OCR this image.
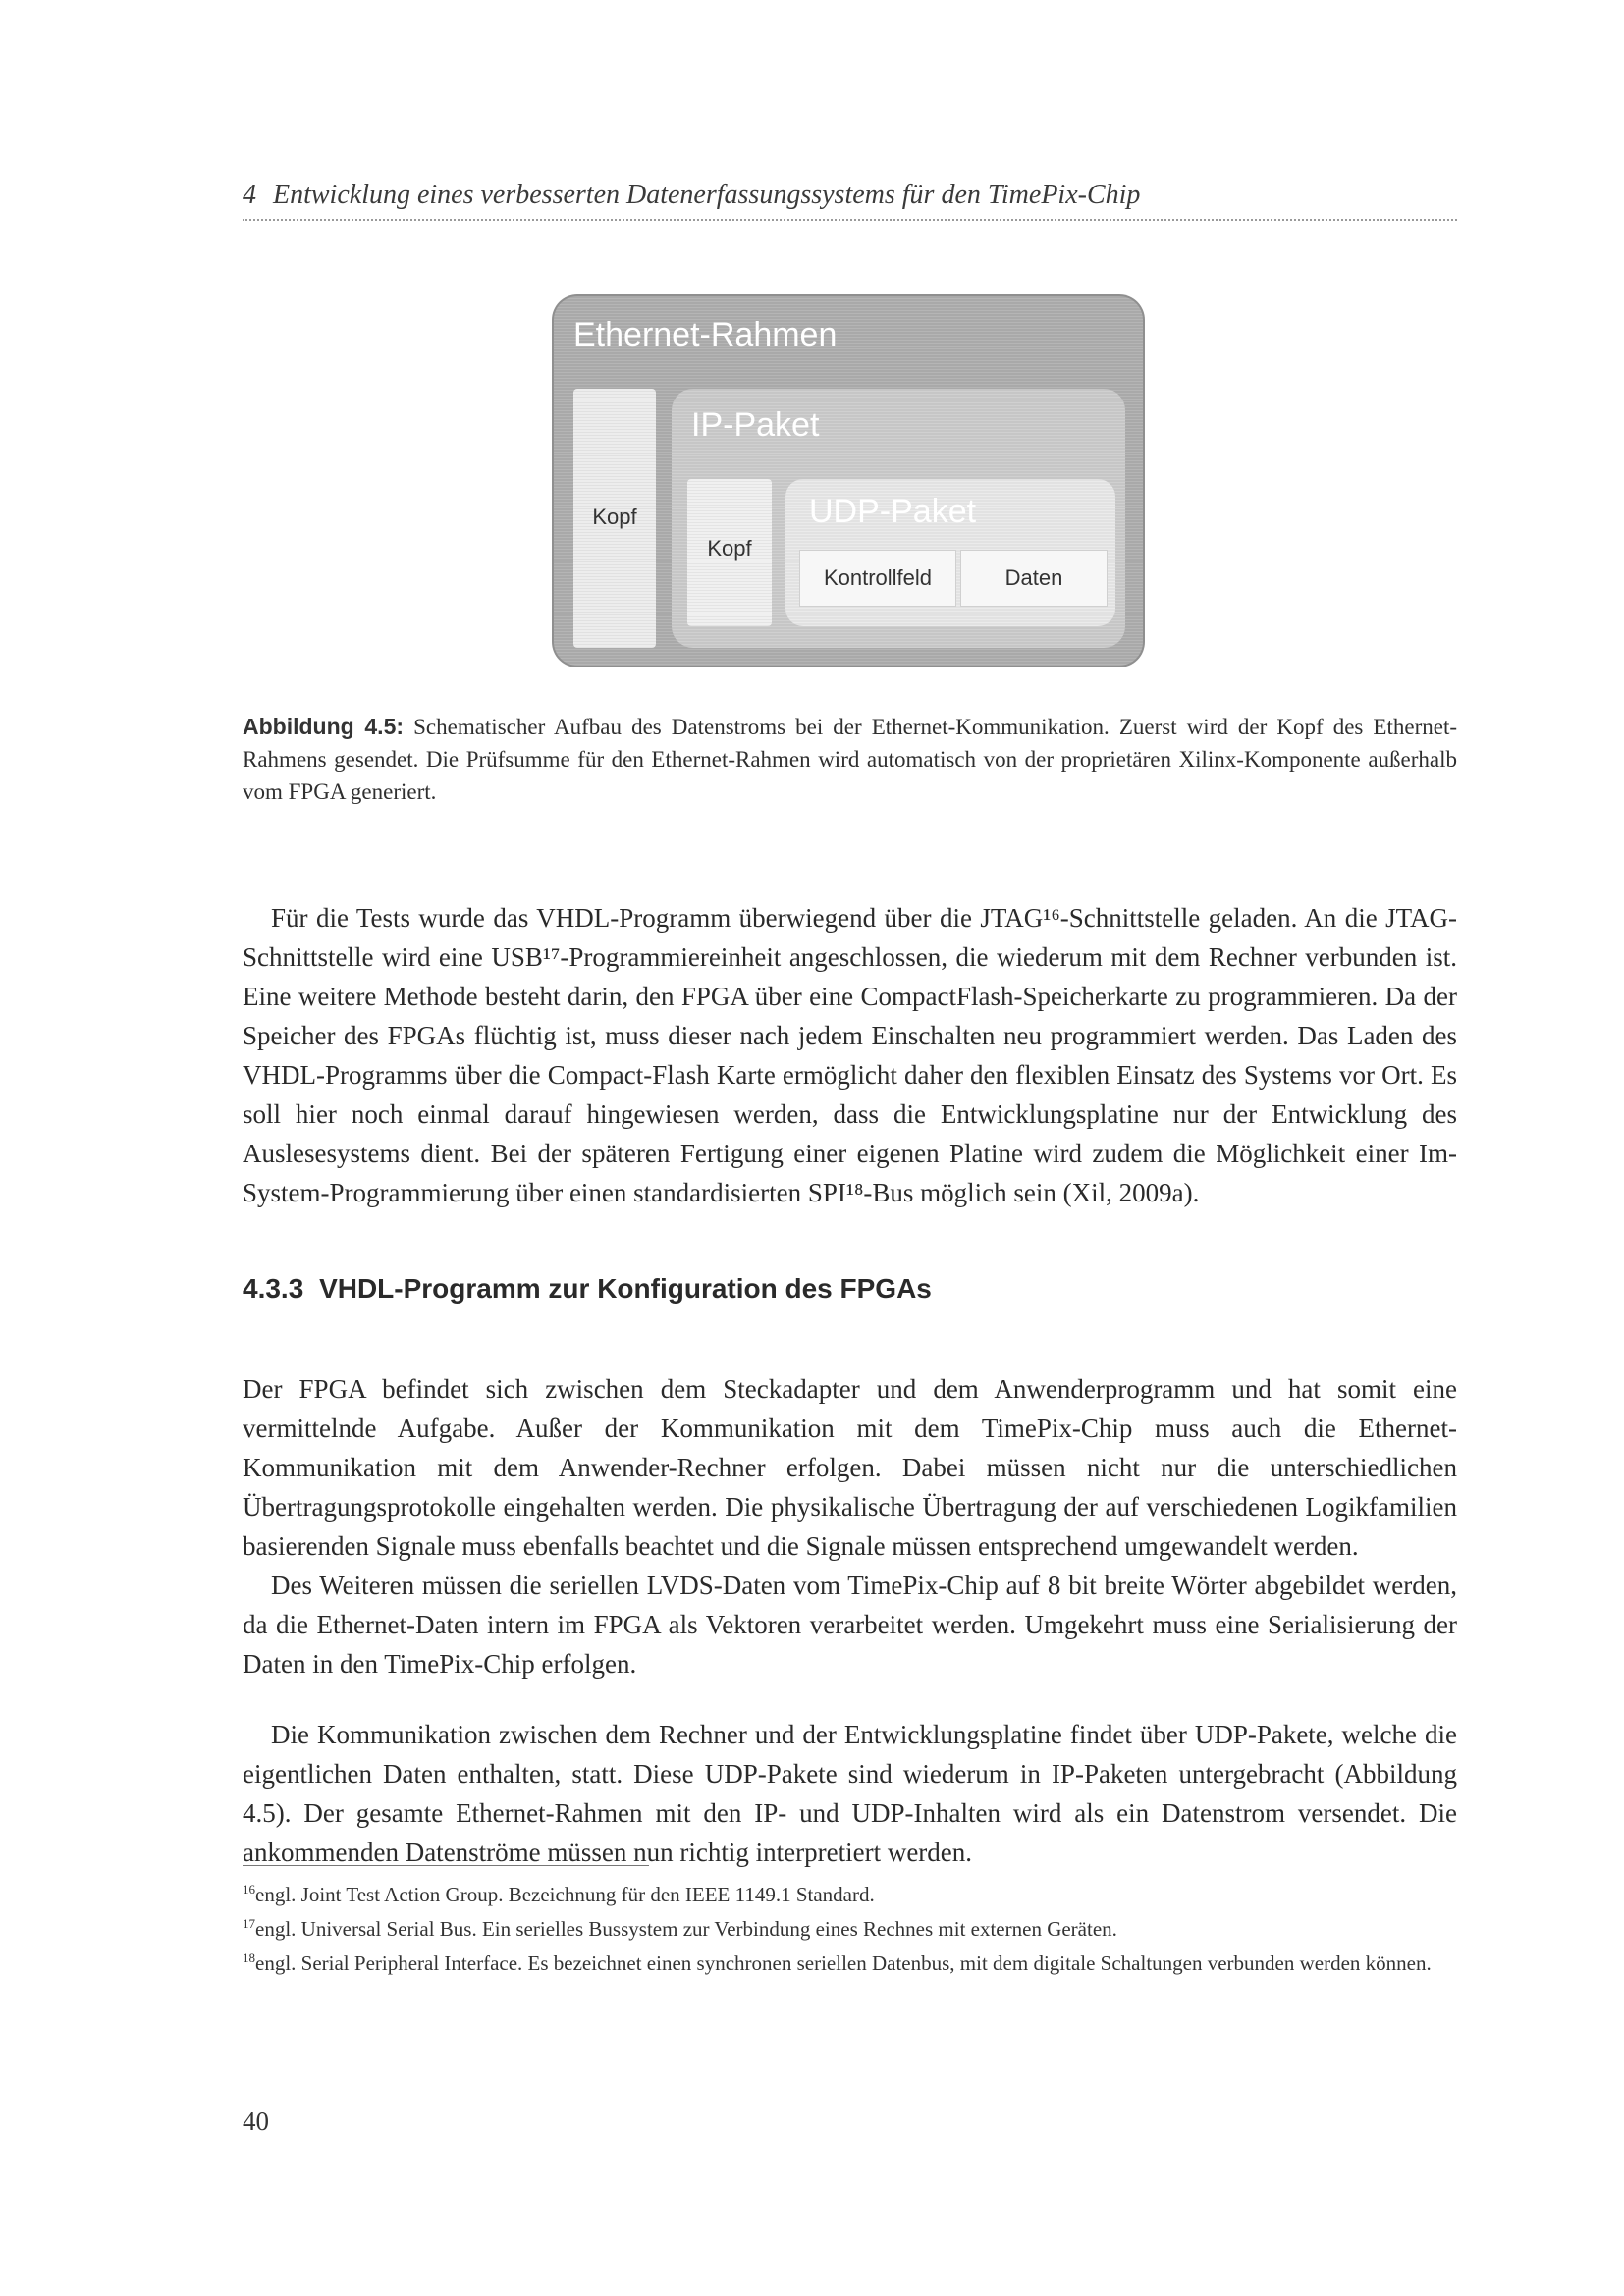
4 Entwicklung eines verbesserten Datenerfassungssystems für den TimePix-Chip
Ethernet-Rahmen
Kopf
IP-Paket
Kopf
UDP-Paket
Kontrollfeld	Daten
Abbildung 4.5: Schematischer Aufbau des Datenstroms bei der Ethernet-Kommunikation. Zuerst wird der Kopf des Ethernet-Rahmens gesendet. Die Prüfsumme für den Ethernet-Rahmen wird automatisch von der proprietären Xilinx-Komponente außerhalb vom FPGA generiert.

Für die Tests wurde das VHDL-Programm überwiegend über die JTAG¹⁶-Schnittstelle geladen. An die JTAG-Schnittstelle wird eine USB¹⁷-Programmiereinheit angeschlossen, die wiederum mit dem Rechner verbunden ist. Eine weitere Methode besteht darin, den FPGA über eine CompactFlash-Speicherkarte zu programmieren. Da der Speicher des FPGAs flüchtig ist, muss dieser nach jedem Einschalten neu programmiert werden. Das Laden des VHDL-Programms über die Compact-Flash Karte ermöglicht daher den flexiblen Einsatz des Systems vor Ort. Es soll hier noch einmal darauf hingewiesen werden, dass die Entwicklungsplatine nur der Entwicklung des Auslesesystems dient. Bei der späteren Fertigung einer eigenen Platine wird zudem die Möglichkeit einer Im-System-Programmierung über einen standardisierten SPI¹⁸-Bus möglich sein (Xil, 2009a).

4.3.3 VHDL-Programm zur Konfiguration des FPGAs

Der FPGA befindet sich zwischen dem Steckadapter und dem Anwenderprogramm und hat somit eine vermittelnde Aufgabe. Außer der Kommunikation mit dem TimePix-Chip muss auch die Ethernet-Kommunikation mit dem Anwender-Rechner erfolgen. Dabei müssen nicht nur die unterschiedlichen Übertragungsprotokolle eingehalten werden. Die physikalische Übertragung der auf verschiedenen Logikfamilien basierenden Signale muss ebenfalls beachtet und die Signale müssen entsprechend umgewandelt werden.

Des Weiteren müssen die seriellen LVDS-Daten vom TimePix-Chip auf 8 bit breite Wörter abgebildet werden, da die Ethernet-Daten intern im FPGA als Vektoren verarbeitet werden. Umgekehrt muss eine Serialisierung der Daten in den TimePix-Chip erfolgen.

Die Kommunikation zwischen dem Rechner und der Entwicklungsplatine findet über UDP-Pakete, welche die eigentlichen Daten enthalten, statt. Diese UDP-Pakete sind wiederum in IP-Paketen untergebracht (Abbildung 4.5). Der gesamte Ethernet-Rahmen mit den IP- und UDP-Inhalten wird als ein Datenstrom versendet. Die ankommenden Datenströme müssen nun richtig interpretiert werden.

$^{16}$engl. Joint Test Action Group. Bezeichnung für den IEEE 1149.1 Standard.
$^{17}$engl. Universal Serial Bus. Ein serielles Bussystem zur Verbindung eines Rechnes mit externen Geräten.
$^{18}$engl. Serial Peripheral Interface. Es bezeichnet einen synchronen seriellen Datenbus, mit dem digitale Schaltungen verbunden werden können.
40
